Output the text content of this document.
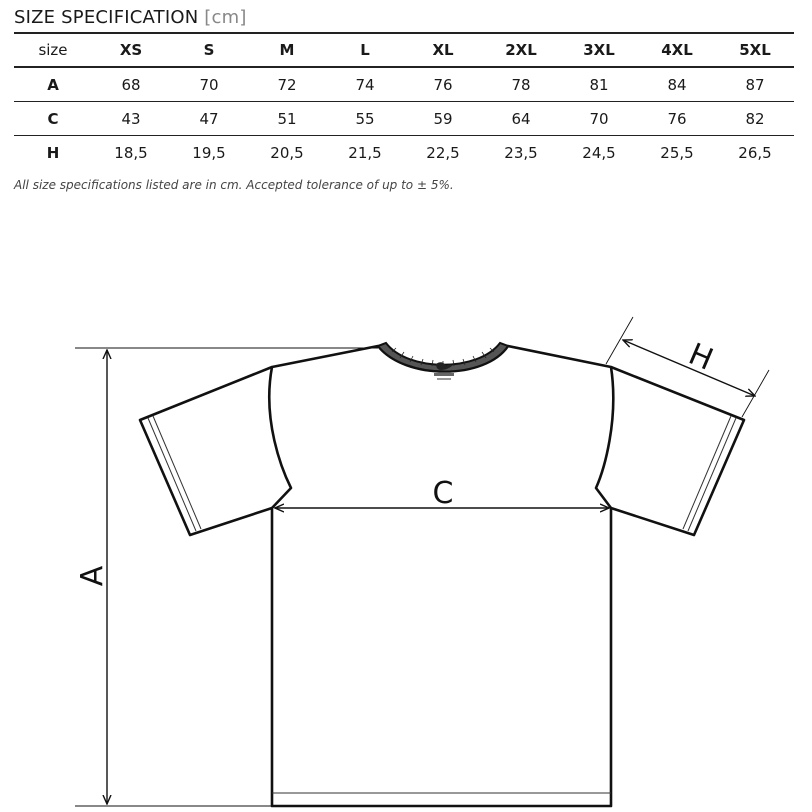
SIZE SPECIFICATION [cm]
size	XS	S	M	L	XL	2XL	3XL	4XL	5XL
A	68	70	72	74	76	78	81	84	87
C	43	47	51	55	59	64	70	76	82
H	18,5	19,5	20,5	21,5	22,5	23,5	24,5	25,5	26,5
All size specifications listed are in cm. Accepted tolerance of up to ± 5%.
A
C
H
